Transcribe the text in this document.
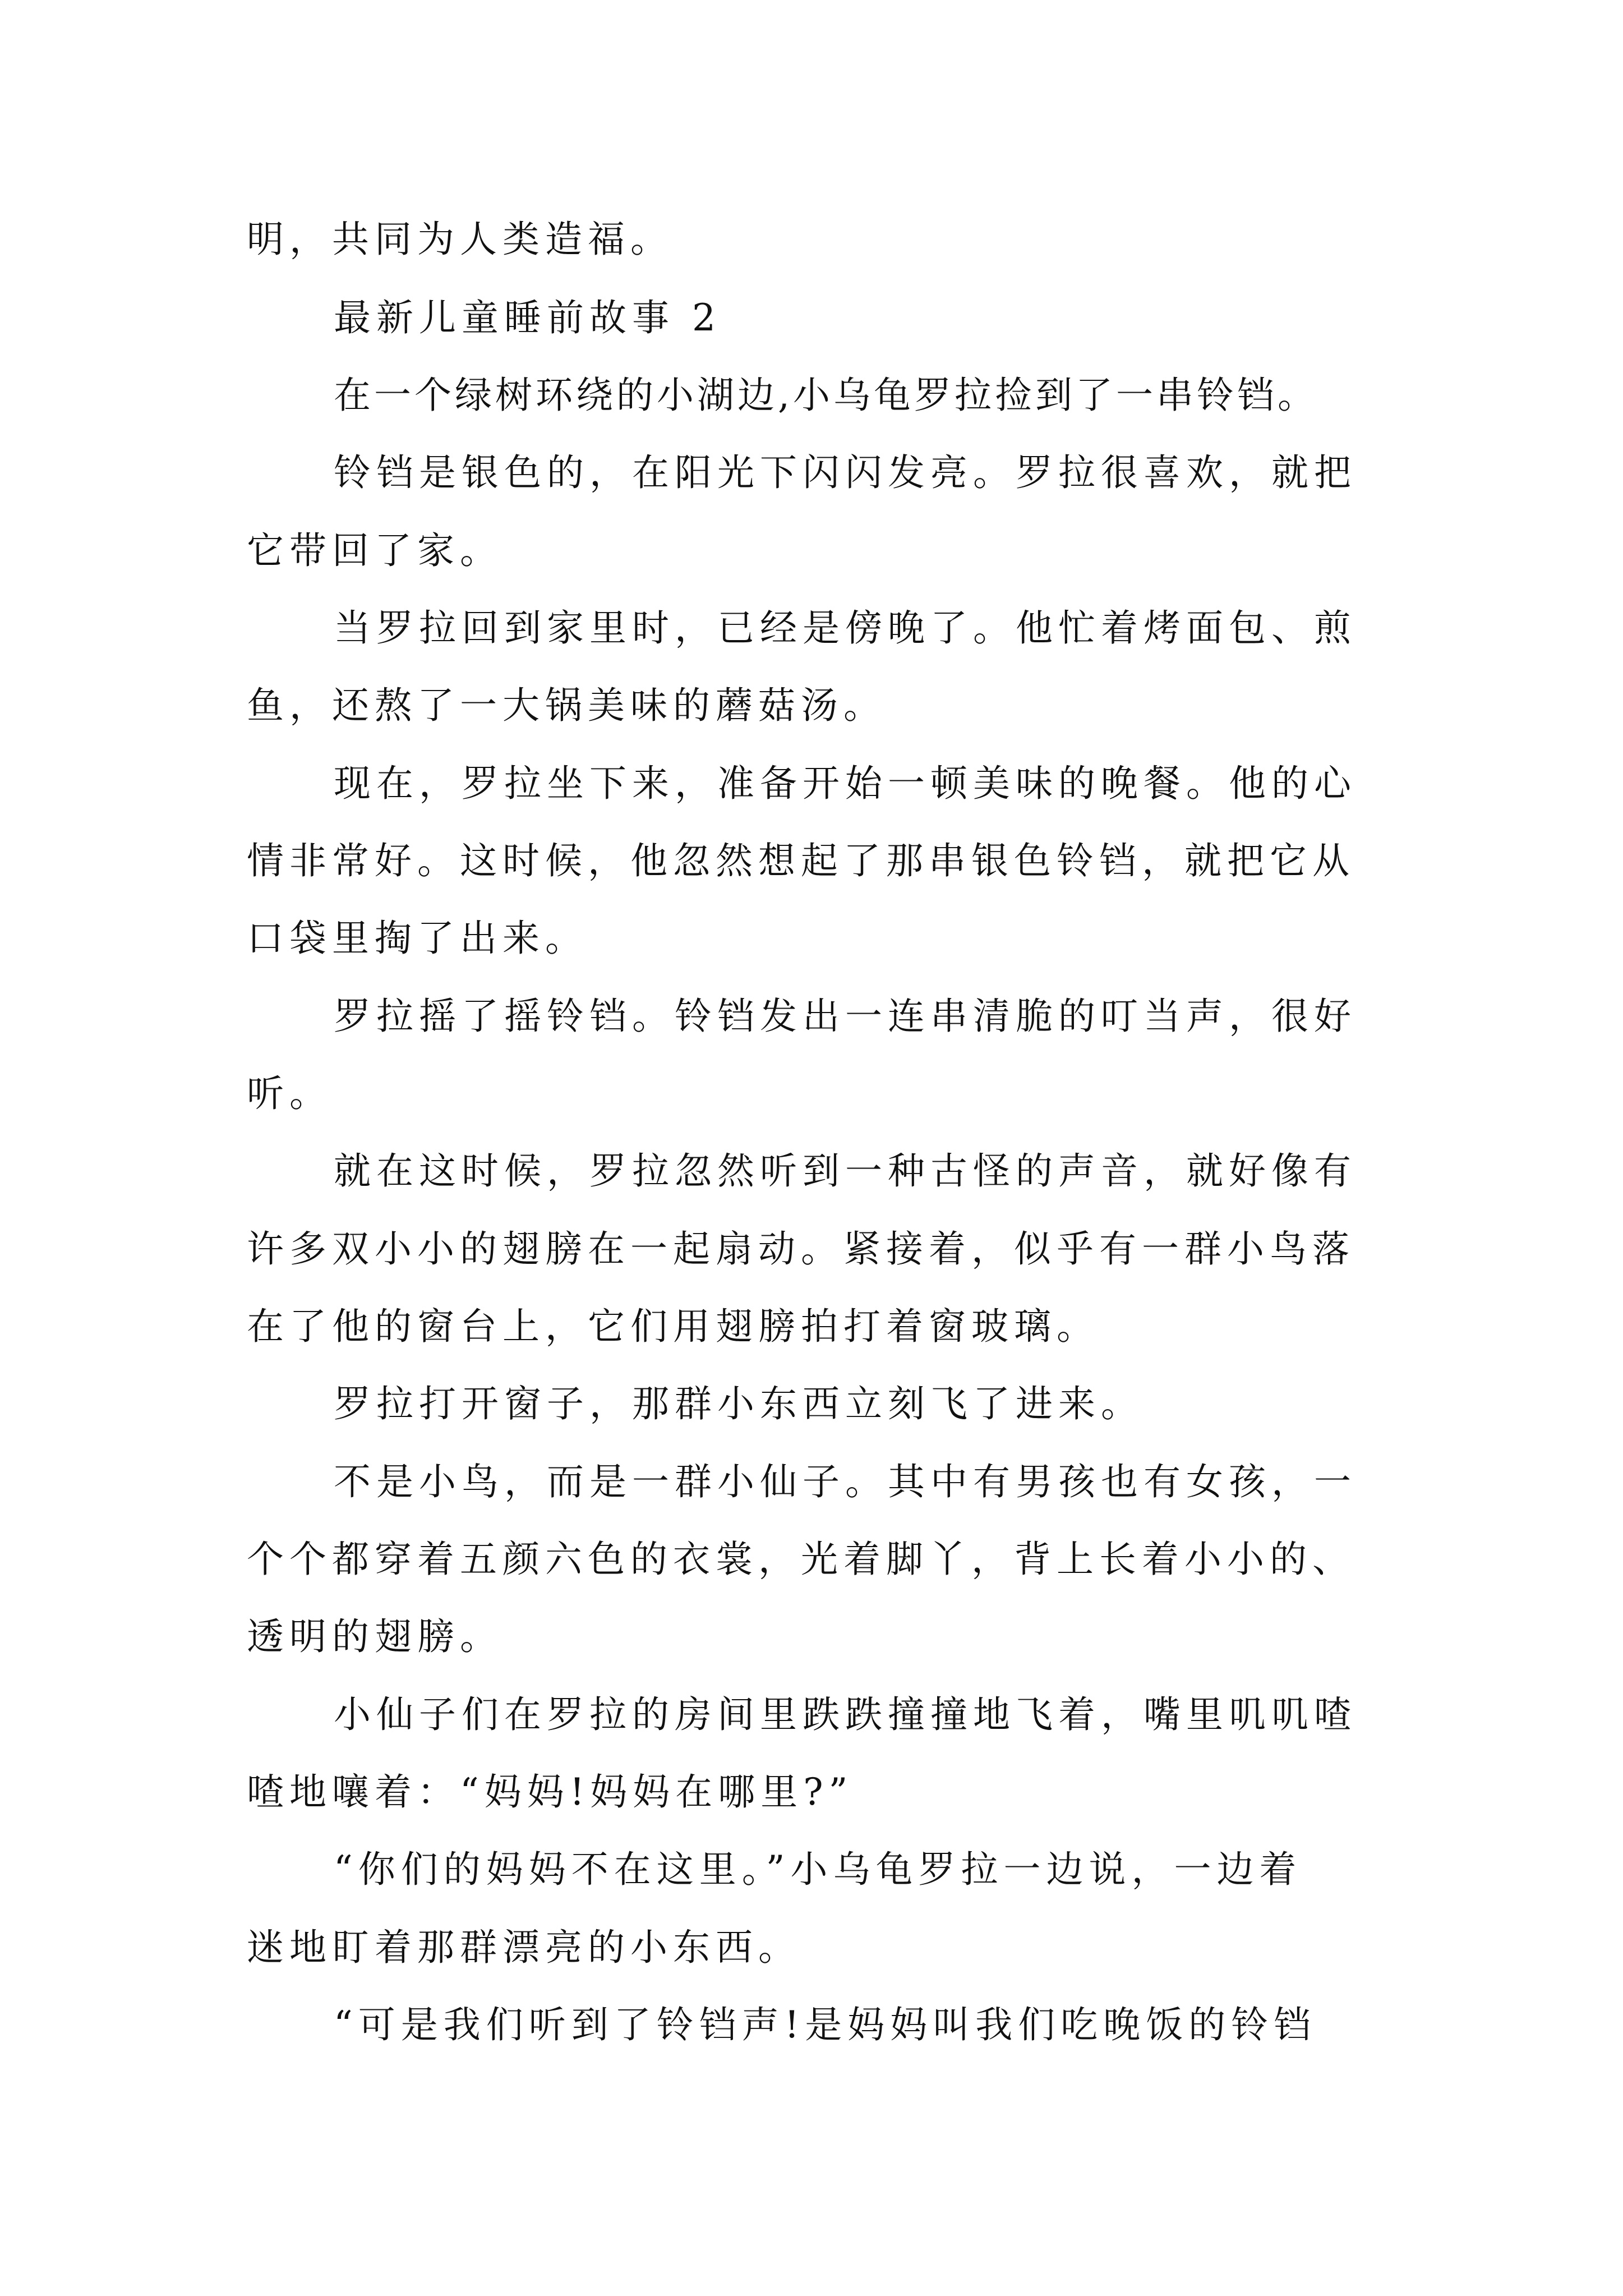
明，共同为人类造福。
最新儿童睡前故事 2
在一个绿树环绕的小湖边,小乌龟罗拉捡到了一串铃铛。
铃铛是银色的，在阳光下闪闪发亮。罗拉很喜欢，就把
它带回了家。
当罗拉回到家里时，已经是傍晚了。他忙着烤面包、煎
鱼，还熬了一大锅美味的蘑菇汤。
现在，罗拉坐下来，准备开始一顿美味的晚餐。他的心
情非常好。这时候，他忽然想起了那串银色铃铛，就把它从
口袋里掏了出来。
罗拉摇了摇铃铛。铃铛发出一连串清脆的叮当声，很好
听。
就在这时候，罗拉忽然听到一种古怪的声音，就好像有
许多双小小的翅膀在一起扇动。紧接着，似乎有一群小鸟落
在了他的窗台上，它们用翅膀拍打着窗玻璃。
罗拉打开窗子，那群小东西立刻飞了进来。
不是小鸟，而是一群小仙子。其中有男孩也有女孩，一
个个都穿着五颜六色的衣裳，光着脚丫，背上长着小小的、
透明的翅膀。
小仙子们在罗拉的房间里跌跌撞撞地飞着，嘴里叽叽喳
喳地嚷着：“妈妈!妈妈在哪里?”
“你们的妈妈不在这里。”小乌龟罗拉一边说，一边着
迷地盯着那群漂亮的小东西。
“可是我们听到了铃铛声!是妈妈叫我们吃晚饭的铃铛
